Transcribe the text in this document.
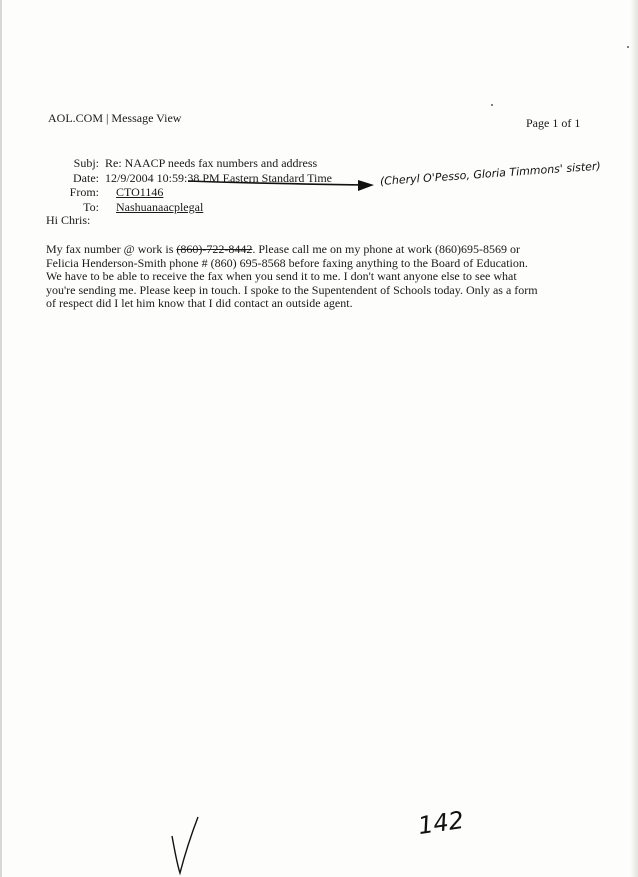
AOL.COM | Message View	Page 1 of 1
Subj: Re: NAACP needs fax numbers and address
Date: 12/9/2004 10:59:38 PM Eastern Standard Time
From: CTO1146
To: Nashuanaacplegal
Hi Chris:

My fax number @ work is (860)-722-8442. Please call me on my phone at work (860)695-8569 or

Felicia Henderson-Smith phone # (860) 695-8568 before faxing anything to the Board of Education.

We have to be able to receive the fax when you send it to me. I don't want anyone else to see what

you're sending me. Please keep in touch. I spoke to the Supentendent of Schools today. Only as a form

of respect did I let him know that I did contact an outside agent.

(Cheryl O'Pesso, Gloria Timmons' sister)
142
